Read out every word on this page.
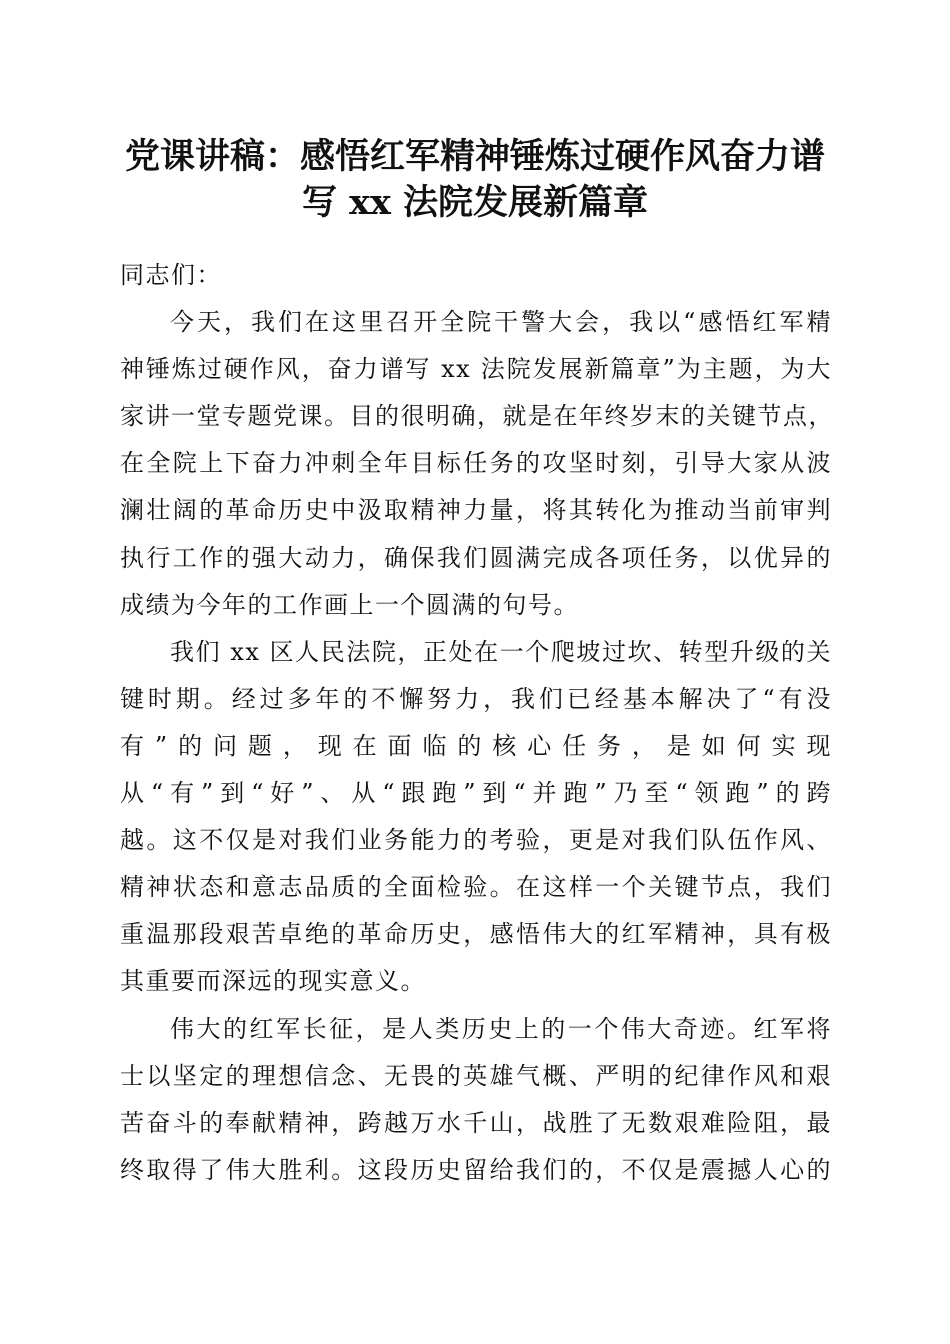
党课讲稿：感悟红军精神锤炼过硬作风奋力谱
写 xx 法院发展新篇章
同志们：
今天，我们在这里召开全院干警大会，我以“感悟红军精
神锤炼过硬作风，奋力谱写 xx 法院发展新篇章”为主题，为大
家讲一堂专题党课。目的很明确，就是在年终岁末的关键节点，
在全院上下奋力冲刺全年目标任务的攻坚时刻，引导大家从波
澜壮阔的革命历史中汲取精神力量，将其转化为推动当前审判
执行工作的强大动力，确保我们圆满完成各项任务，以优异的
成绩为今年的工作画上一个圆满的句号。
我们 xx 区人民法院，正处在一个爬坡过坎、转型升级的关
键时期。经过多年的不懈努力，我们已经基本解决了“有没
有”的问题，现在面临的核心任务，是如何实现
从“有”到“好”、从“跟跑”到“并跑”乃至“领跑”的跨
越。这不仅是对我们业务能力的考验，更是对我们队伍作风、
精神状态和意志品质的全面检验。在这样一个关键节点，我们
重温那段艰苦卓绝的革命历史，感悟伟大的红军精神，具有极
其重要而深远的现实意义。
伟大的红军长征，是人类历史上的一个伟大奇迹。红军将
士以坚定的理想信念、无畏的英雄气概、严明的纪律作风和艰
苦奋斗的奉献精神，跨越万水千山，战胜了无数艰难险阻，最
终取得了伟大胜利。这段历史留给我们的，不仅是震撼人心的
